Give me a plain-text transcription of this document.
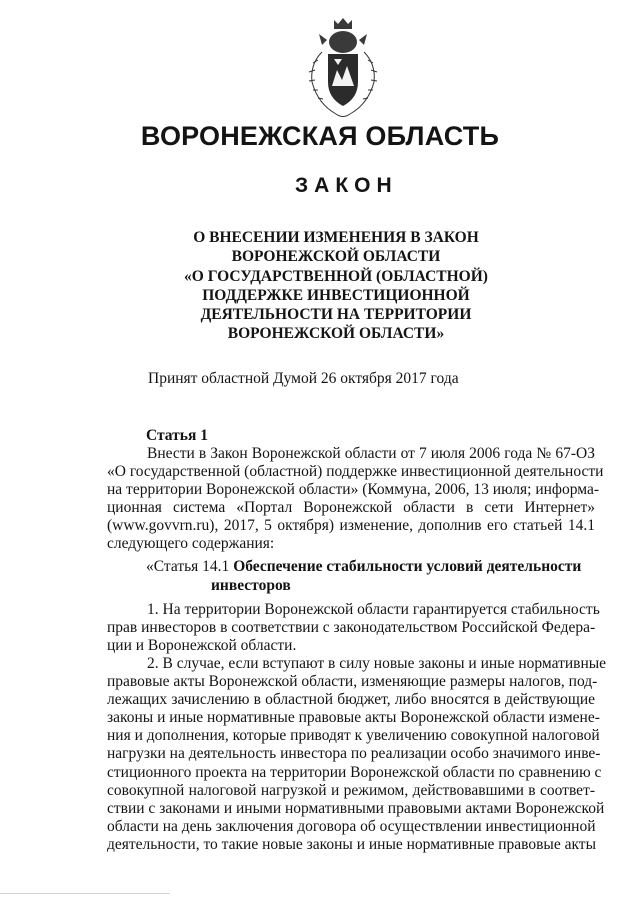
ВОРОНЕЖСКАЯ ОБЛАСТЬ
ЗАКОН
О ВНЕСЕНИИ ИЗМЕНЕНИЯ В ЗАКОН
ВОРОНЕЖСКОЙ ОБЛАСТИ
«О ГОСУДАРСТВЕННОЙ (ОБЛАСТНОЙ)
ПОДДЕРЖКЕ ИНВЕСТИЦИОННОЙ
ДЕЯТЕЛЬНОСТИ НА ТЕРРИТОРИИ
ВОРОНЕЖСКОЙ ОБЛАСТИ»

Принят областной Думой 26 октября 2017 года

Статья 1

Внести в Закон Воронежской области от 7 июля 2006 года № 67-ОЗ
«О государственной (областной) поддержке инвестиционной деятельности
на территории Воронежской области» (Коммуна, 2006, 13 июля; информа-
ционная система «Портал Воронежской области в сети Интернет»
(www.govvrn.ru), 2017, 5 октября) изменение, дополнив его статьей 14.1
следующего содержания:
«Статья 14.1 Обеспечение стабильности условий деятельности
инвесторов
1. На территории Воронежской области гарантируется стабильность
прав инвесторов в соответствии с законодательством Российской Федера-
ции и Воронежской области.
2. В случае, если вступают в силу новые законы и иные нормативные
правовые акты Воронежской области, изменяющие размеры налогов, под-
лежащих зачислению в областной бюджет, либо вносятся в действующие
законы и иные нормативные правовые акты Воронежской области измене-
ния и дополнения, которые приводят к увеличению совокупной налоговой
нагрузки на деятельность инвестора по реализации особо значимого инве-
стиционного проекта на территории Воронежской области по сравнению с
совокупной налоговой нагрузкой и режимом, действовавшими в соответ-
ствии с законами и иными нормативными правовыми актами Воронежской
области на день заключения договора об осуществлении инвестиционной
деятельности, то такие новые законы и иные нормативные правовые акты
